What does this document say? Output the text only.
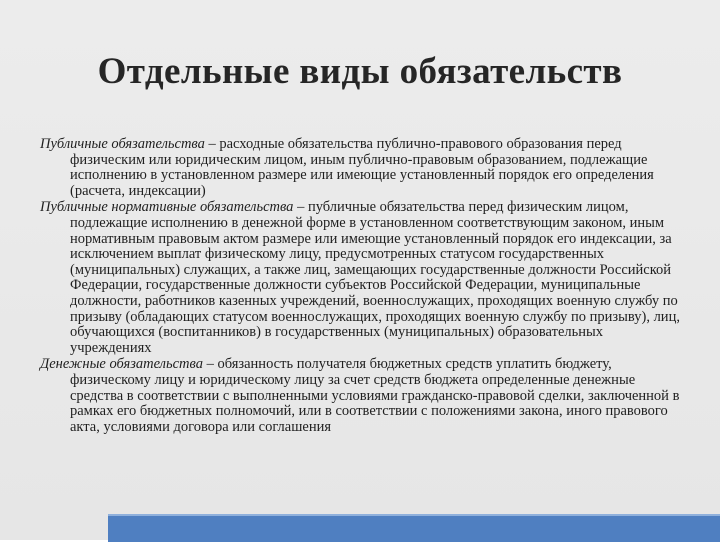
Отдельные виды обязательств

Публичные обязательства – расходные обязательства публично-правового образования перед физическим или юридическим лицом, иным публично-правовым образованием, подлежащие исполнению в установленном размере или имеющие установленный порядок его определения (расчета, индексации)

Публичные нормативные обязательства – публичные обязательства перед физическим лицом, подлежащие исполнению в денежной форме в установленном соответствующим законом, иным нормативным правовым актом размере или имеющие установленный порядок его индексации, за исключением выплат физическому лицу, предусмотренных статусом государственных (муниципальных) служащих, а также лиц, замещающих государственные должности Российской Федерации, государственные должности субъектов Российской Федерации, муниципальные должности, работников казенных учреждений, военнослужащих, проходящих военную службу по призыву (обладающих статусом военнослужащих, проходящих военную службу по призыву), лиц, обучающихся (воспитанников) в государственных (муниципальных) образовательных учреждениях

Денежные обязательства – обязанность получателя бюджетных средств уплатить бюджету, физическому лицу и юридическому лицу за счет средств бюджета определенные денежные средства в соответствии с выполненными условиями гражданско-правовой сделки, заключенной в рамках его бюджетных полномочий, или в соответствии с положениями закона, иного правового акта, условиями договора или соглашения
